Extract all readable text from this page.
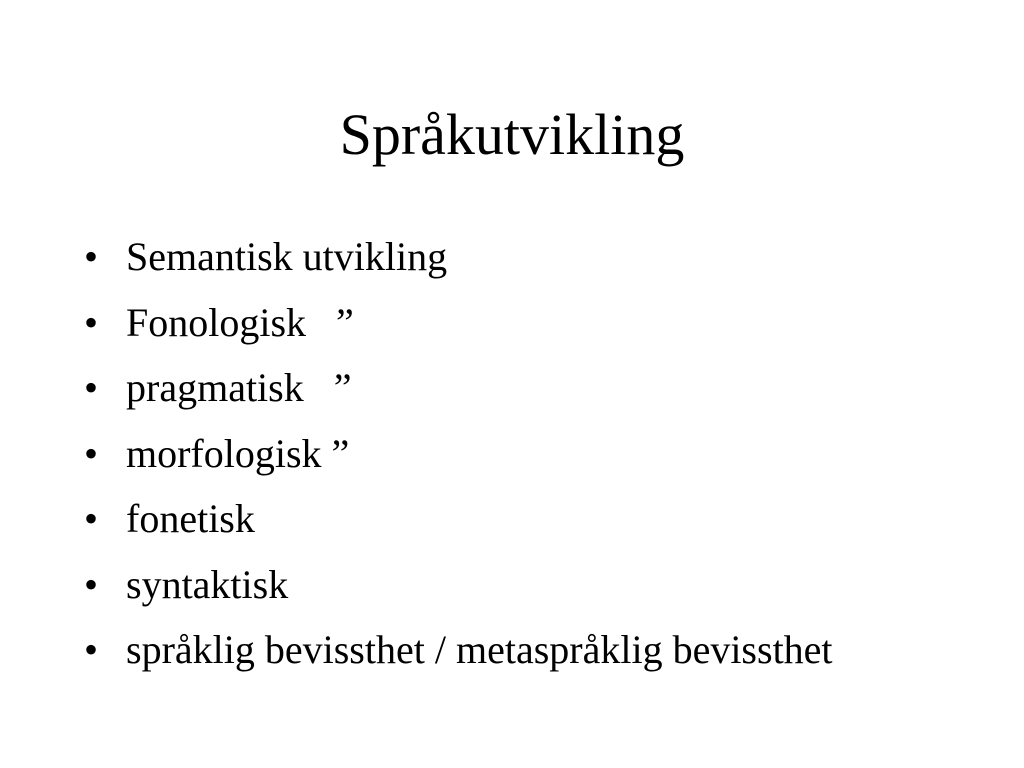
Språkutvikling
• Semantisk utvikling
• Fonologisk   ”
• pragmatisk   ”
• morfologisk ”
• fonetisk
• syntaktisk
• språklig bevissthet / metaspråklig bevissthet
